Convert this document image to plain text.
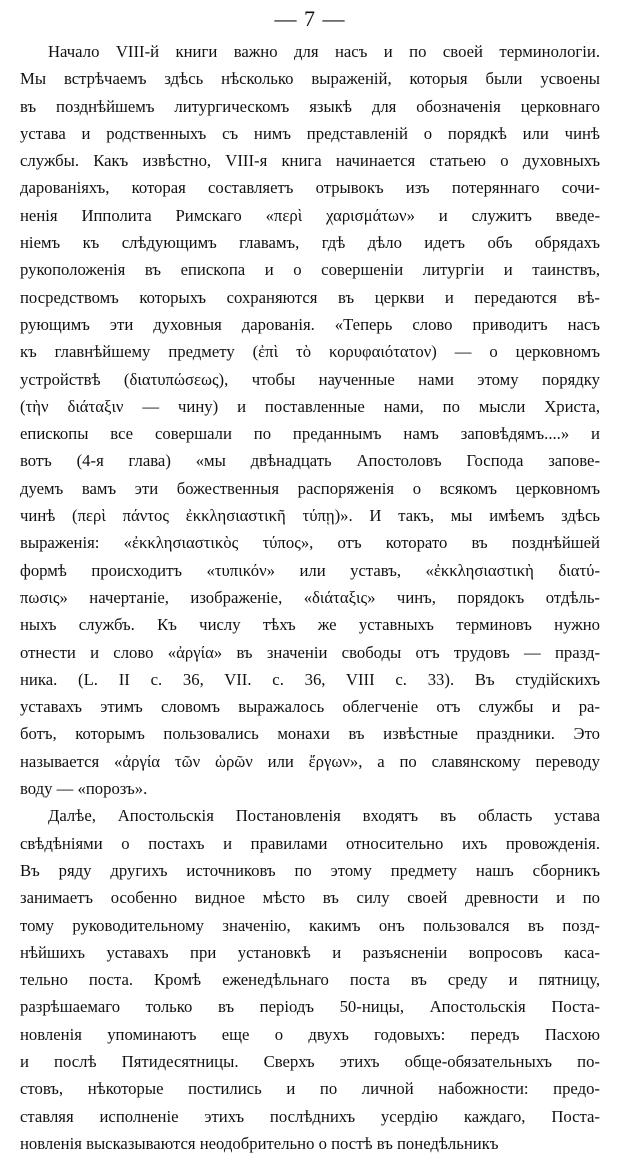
— 7 —
Начало VIII-й книги важно для насъ и по своей терминологіи.
Мы встрѣчаемъ здѣсь нѣсколько выраженій, которыя были усвоены
въ позднѣйшемъ литургическомъ языкѣ для обозначенія церковнаго
устава и родственныхъ съ нимъ представленій о порядкѣ или чинѣ
службы. Какъ извѣстно, VIII-я книга начинается статьею о духовныхъ
дарованіяхъ, которая составляетъ отрывокъ изъ потеряннаго сочи-
ненія Ипполита Римскаго «περὶ χαρισμάτων» и служитъ введе-
ніемъ къ слѣдующимъ главамъ, гдѣ дѣло идетъ объ обрядахъ
рукоположенія въ епископа и о совершеніи литургіи и таинствъ,
посредствомъ которыхъ сохраняются въ церкви и передаются вѣ-
рующимъ эти духовныя дарованія. «Теперь слово приводитъ насъ
къ главнѣйшему предмету (ἐπὶ τὸ κορυφαιότατον) — о церковномъ
устройствѣ (διατυπώσεως), чтобы наученные нами этому порядку
(τὴν διάταξιν — чину) и поставленные нами, по мысли Христа,
епископы все совершали по преданнымъ намъ заповѣдямъ....» и
вотъ (4-я глава) «мы двѣнадцать Апостоловъ Господа запове-
дуемъ вамъ эти божественныя распоряженія о всякомъ церковномъ
чинѣ (περὶ πάντος ἐκκλησιαστικῆ τύπῃ)». И такъ, мы имѣемъ здѣсь
выраженія: «ἐκκλησιαστικὸς τύπος», отъ которато въ позднѣйшей
формѣ происходитъ «τυπικόν» или уставъ, «ἐκκλησιαστικὴ διατύ-
πωσις» начертаніе, изображеніе, «διάταξις» чинъ, порядокъ отдѣль-
ныхъ службъ. Къ числу тѣхъ же уставныхъ терминовъ нужно
отнести и слово «ἀργία» въ значеніи свободы отъ трудовъ — празд-
ника. (L. II c. 36, VII. c. 36, VIII c. 33). Въ студійскихъ
уставахъ этимъ словомъ выражалось облегченіе отъ службы и ра-
ботъ, которымъ пользовались монахи въ извѣстные праздники. Это
называется «ἀργία τῶν ὡρῶν или ἔργων», а по славянскому переводу
воду — «порозъ».
Далѣе, Апостольскія Постановленія входятъ въ область устава
свѣдѣніями о постахъ и правилами относительно ихъ провожденія.
Въ ряду другихъ источниковъ по этому предмету нашъ сборникъ
занимаетъ особенно видное мѣсто въ силу своей древности и по
тому руководительному значенію, какимъ онъ пользовался въ позд-
нѣйшихъ уставахъ при установкѣ и разъясненіи вопросовъ каса-
тельно поста. Кромѣ еженедѣльнаго поста въ среду и пятницу,
разрѣшаемаго только въ періодъ 50-ницы, Апостольскія Поста-
новленія упоминаютъ еще о двухъ годовыхъ: передъ Пасхою
и послѣ Пятидесятницы. Сверхъ этихъ обще-обязательныхъ по-
стовъ, нѣкоторые постились и по личной набожности: предо-
ставляя исполненіе этихъ послѣднихъ усердію каждаго, Поста-
новленія высказываются неодобрительно о постѣ въ понедѣльникъ
